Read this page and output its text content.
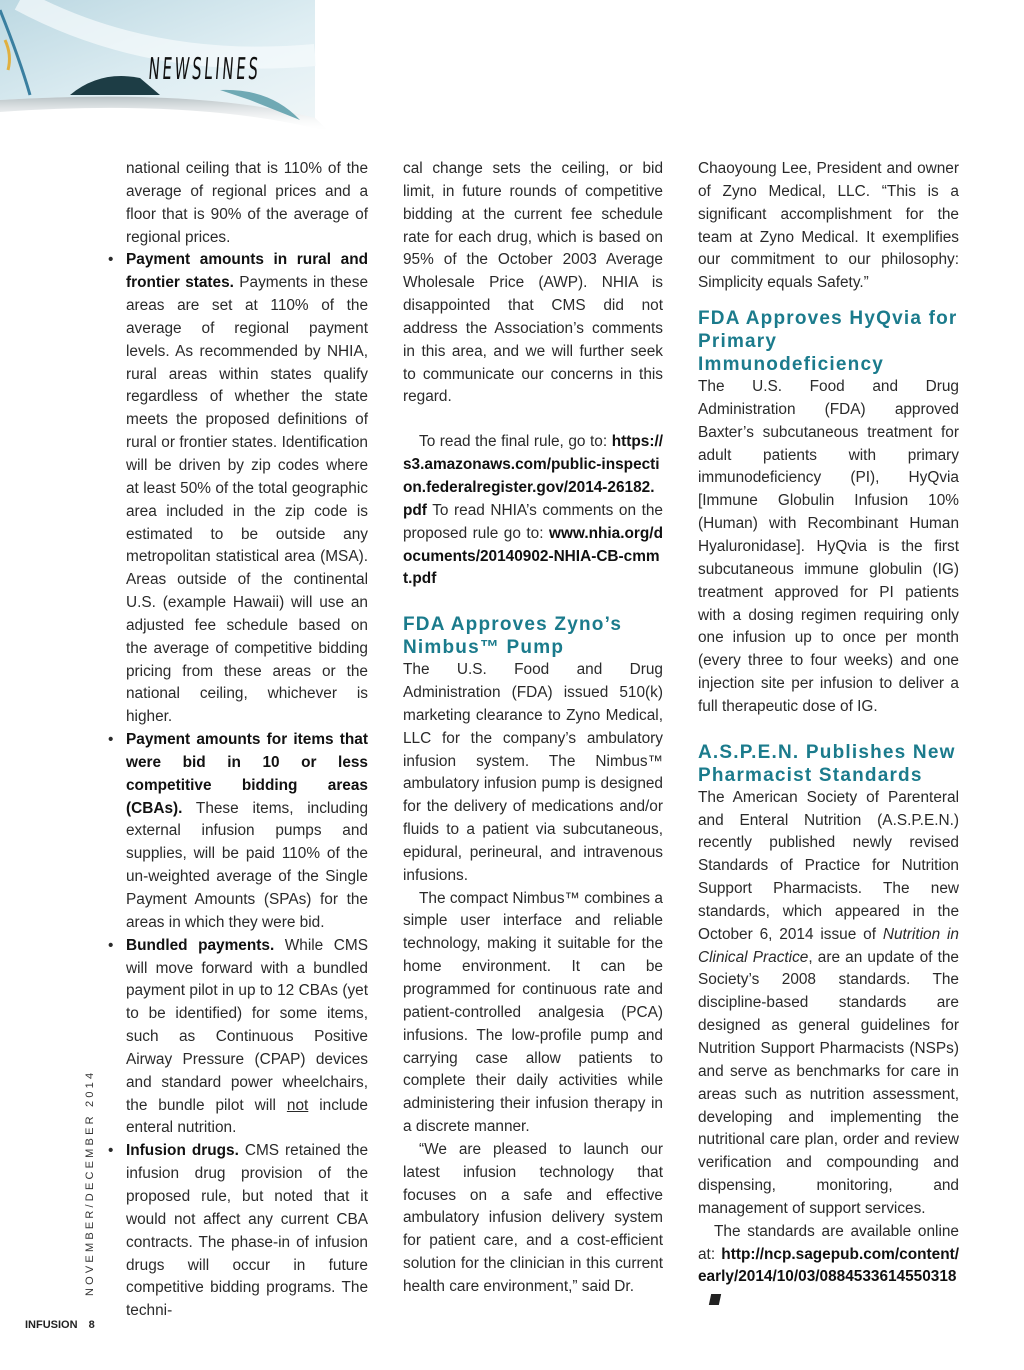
NEWSLINES

national ceiling that is 110% of the average of regional prices and a floor that is 90% of the average of regional prices.

• Payment amounts in rural and frontier states. Payments in these areas are set at 110% of the average of regional payment levels. As recommended by NHIA, rural areas within states qualify regardless of whether the state meets the proposed definitions of rural or frontier states. Identification will be driven by zip codes where at least 50% of the total geographic area included in the zip code is estimated to be outside any metropolitan statistical area (MSA). Areas outside of the continental U.S. (example Hawaii) will use an adjusted fee schedule based on the average of competitive bidding pricing from these areas or the national ceiling, whichever is higher.
• Payment amounts for items that were bid in 10 or less competitive bidding areas (CBAs). These items, including external infusion pumps and supplies, will be paid 110% of the un-weighted average of the Single Payment Amounts (SPAs) for the areas in which they were bid.
• Bundled payments. While CMS will move forward with a bundled payment pilot in up to 12 CBAs (yet to be identified) for some items, such as Continuous Positive Airway Pressure (CPAP) devices and standard power wheelchairs, the bundle pilot will not include enteral nutrition.
• Infusion drugs. CMS retained the infusion drug provision of the proposed rule, but noted that it would not affect any current CBA contracts. The phase-in of infusion drugs will occur in future competitive bidding programs. The techni-

cal change sets the ceiling, or bid limit, in future rounds of competitive bidding at the current fee schedule rate for each drug, which is based on 95% of the October 2003 Average Wholesale Price (AWP). NHIA is disappointed that CMS did not address the Association’s comments in this area, and we will further seek to communicate our concerns in this regard.

To read the final rule, go to: https://s3.amazonaws.com/public-inspection.federalregister.gov/2014-26182.pdf To read NHIA’s comments on the proposed rule go to: www.nhia.org/documents/20140902-NHIA-CB-cmmt.pdf

FDA Approves Zyno’s Nimbus™ Pump

The U.S. Food and Drug Administration (FDA) issued 510(k) marketing clearance to Zyno Medical, LLC for the company’s ambulatory infusion system. The Nimbus™ ambulatory infusion pump is designed for the delivery of medications and/or fluids to a patient via subcutaneous, epidural, perineural, and intravenous infusions.

The compact Nimbus™ combines a simple user interface and reliable technology, making it suitable for the home environment. It can be programmed for continuous rate and patient-controlled analgesia (PCA) infusions. The low-profile pump and carrying case allow patients to complete their daily activities while administering their infusion therapy in a discrete manner.

“We are pleased to launch our latest infusion technology that focuses on a safe and effective ambulatory infusion delivery system for patient care, and a cost-efficient solution for the clinician in this current health care environment,” said Dr.

Chaoyoung Lee, President and owner of Zyno Medical, LLC. “This is a significant accomplishment for the team at Zyno Medical. It exemplifies our commitment to our philosophy: Simplicity equals Safety.”

FDA Approves HyQvia for Primary Immunodeficiency

The U.S. Food and Drug Administration (FDA) approved Baxter’s subcutaneous treatment for adult patients with primary immunodeficiency (PI), HyQvia [Immune Globulin Infusion 10% (Human) with Recombinant Human Hyaluronidase]. HyQvia is the first subcutaneous immune globulin (IG) treatment approved for PI patients with a dosing regimen requiring only one infusion up to once per month (every three to four weeks) and one injection site per infusion to deliver a full therapeutic dose of IG.

A.S.P.E.N. Publishes New Pharmacist Standards

The American Society of Parenteral and Enteral Nutrition (A.S.P.E.N.) recently published newly revised Standards of Practice for Nutrition Support Pharmacists. The new standards, which appeared in the October 6, 2014 issue of Nutrition in Clinical Practice, are an update of the Society’s 2008 standards. The discipline-based standards are designed as general guidelines for Nutrition Support Pharmacists (NSPs) and serve as benchmarks for care in areas such as nutrition assessment, developing and implementing the nutritional care plan, order and review verification and compounding and dispensing, monitoring, and management of support services.

The standards are available online at: http://ncp.sagepub.com/content/early/2014/10/03/0884533614550318

NOVEMBER/DECEMBER 2014
INFUSION 8
